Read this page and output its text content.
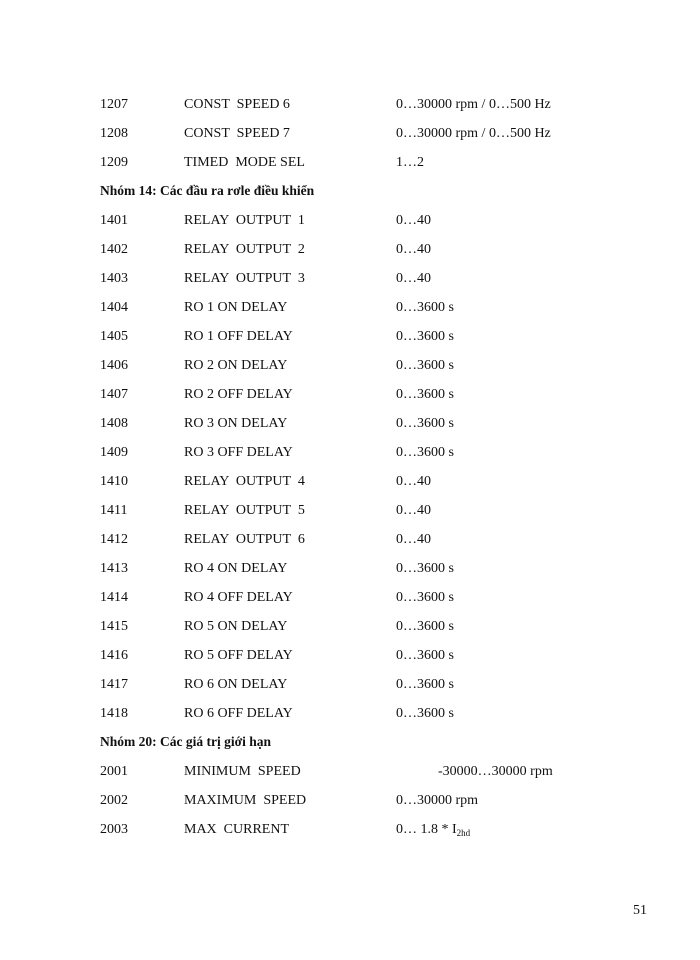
1207	CONST  SPEED 6	0…30000 rpm / 0…500 Hz
1208	CONST  SPEED 7	0…30000 rpm / 0…500 Hz
1209	TIMED  MODE SEL	1…2
Nhóm 14: Các đầu ra rơle điều khiển
1401	RELAY  OUTPUT  1	0…40
1402	RELAY  OUTPUT  2	0…40
1403	RELAY  OUTPUT  3	0…40
1404	RO 1 ON DELAY	0…3600 s
1405	RO 1 OFF DELAY	0…3600 s
1406	RO 2 ON DELAY	0…3600 s
1407	RO 2 OFF DELAY	0…3600 s
1408	RO 3 ON DELAY	0…3600 s
1409	RO 3 OFF DELAY	0…3600 s
1410	RELAY  OUTPUT  4	0…40
1411	RELAY  OUTPUT  5	0…40
1412	RELAY  OUTPUT  6	0…40
1413	RO 4 ON DELAY	0…3600 s
1414	RO 4 OFF DELAY	0…3600 s
1415	RO 5 ON DELAY	0…3600 s
1416	RO 5 OFF DELAY	0…3600 s
1417	RO 6 ON DELAY	0…3600 s
1418	RO 6 OFF DELAY	0…3600 s
Nhóm 20: Các giá trị giới hạn
2001	MINIMUM  SPEED	-30000…30000 rpm
2002	MAXIMUM  SPEED	0…30000 rpm
2003	MAX  CURRENT	0… $1.8 * I_{2hd}$
51
